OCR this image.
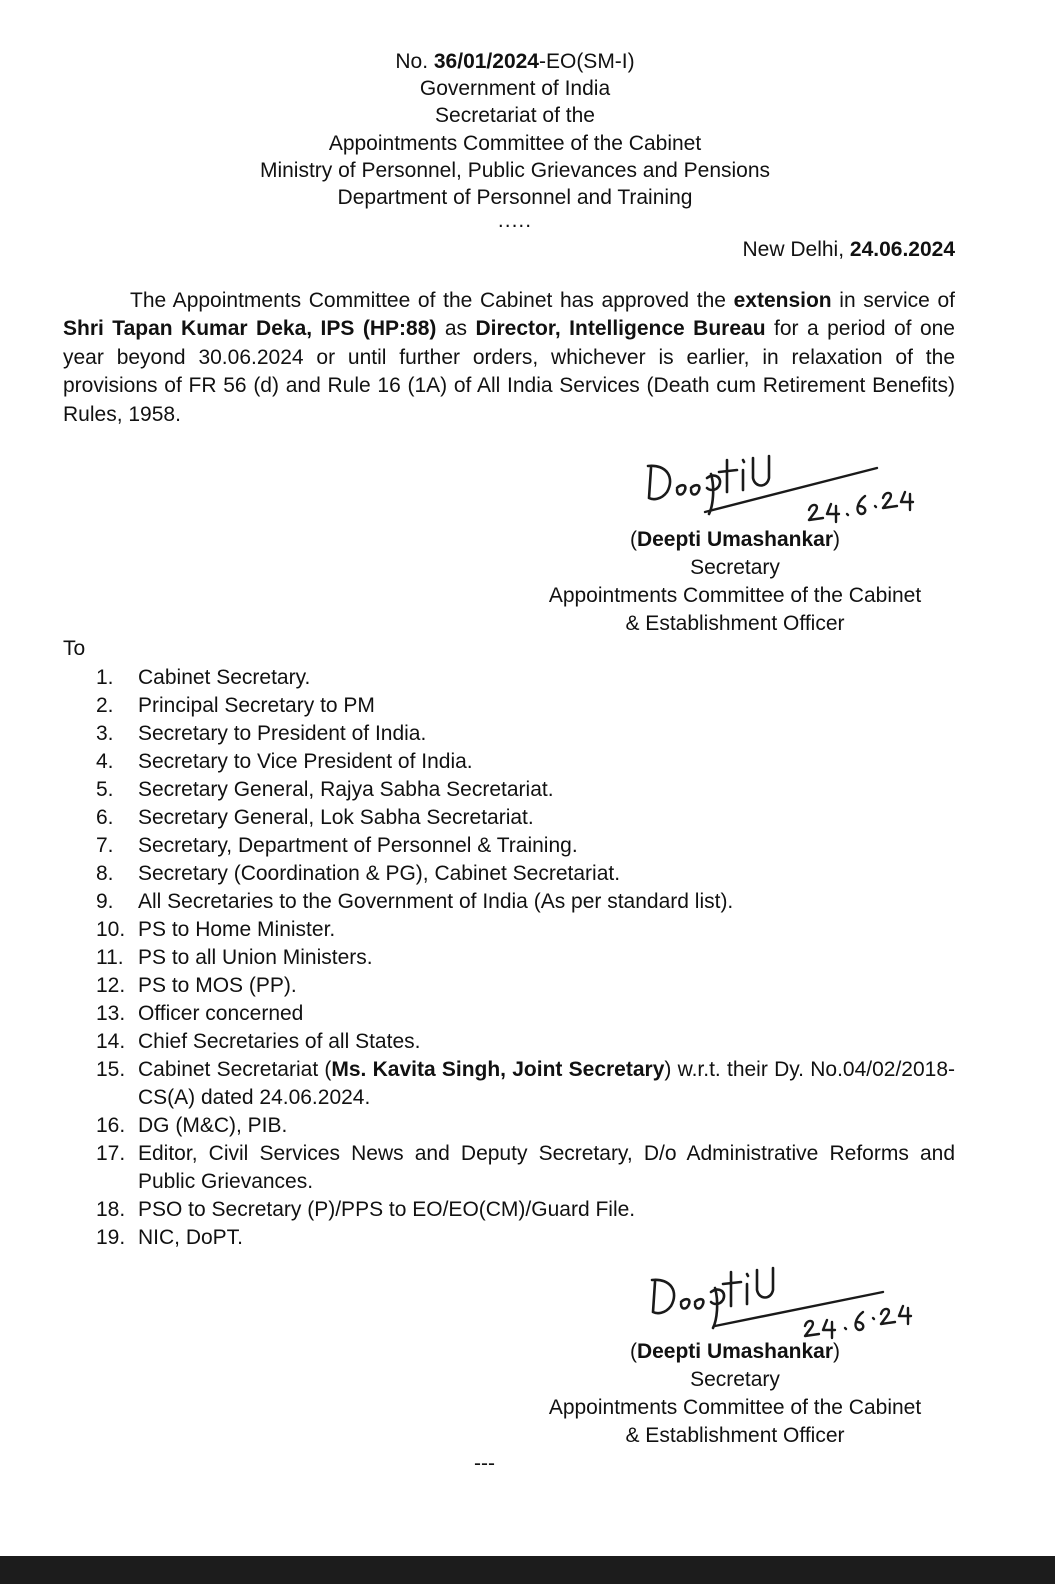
No. 36/01/2024-EO(SM-I)
Government of India
Secretariat of the
Appointments Committee of the Cabinet
Ministry of Personnel, Public Grievances and Pensions
Department of Personnel and Training
.....
New Delhi, 24.06.2024
The Appointments Committee of the Cabinet has approved the extension in service of Shri Tapan Kumar Deka, IPS (HP:88) as Director, Intelligence Bureau for a period of one year beyond 30.06.2024 or until further orders, whichever is earlier, in relaxation of the provisions of FR 56 (d) and Rule 16 (1A) of All India Services (Death cum Retirement Benefits) Rules, 1958.
(Deepti Umashankar)
Secretary
Appointments Committee of the Cabinet
& Establishment Officer
To
1.	Cabinet Secretary.
2.	Principal Secretary to PM
3.	Secretary to President of India.
4.	Secretary to Vice President of India.
5.	Secretary General, Rajya Sabha Secretariat.
6.	Secretary General, Lok Sabha Secretariat.
7.	Secretary, Department of Personnel & Training.
8.	Secretary (Coordination & PG), Cabinet Secretariat.
9.	All Secretaries to the Government of India (As per standard list).
10. PS to Home Minister.
11. PS to all Union Ministers.
12. PS to MOS (PP).
13. Officer concerned
14. Chief Secretaries of all States.
15. Cabinet Secretariat (Ms. Kavita Singh, Joint Secretary) w.r.t. their Dy. No.04/02/2018-CS(A) dated 24.06.2024.
16. DG (M&C), PIB.
17. Editor, Civil Services News and Deputy Secretary, D/o Administrative Reforms and Public Grievances.
18. PSO to Secretary (P)/PPS to EO/EO(CM)/Guard File.
19. NIC, DoPT.
(Deepti Umashankar)
Secretary
Appointments Committee of the Cabinet
& Establishment Officer
---
